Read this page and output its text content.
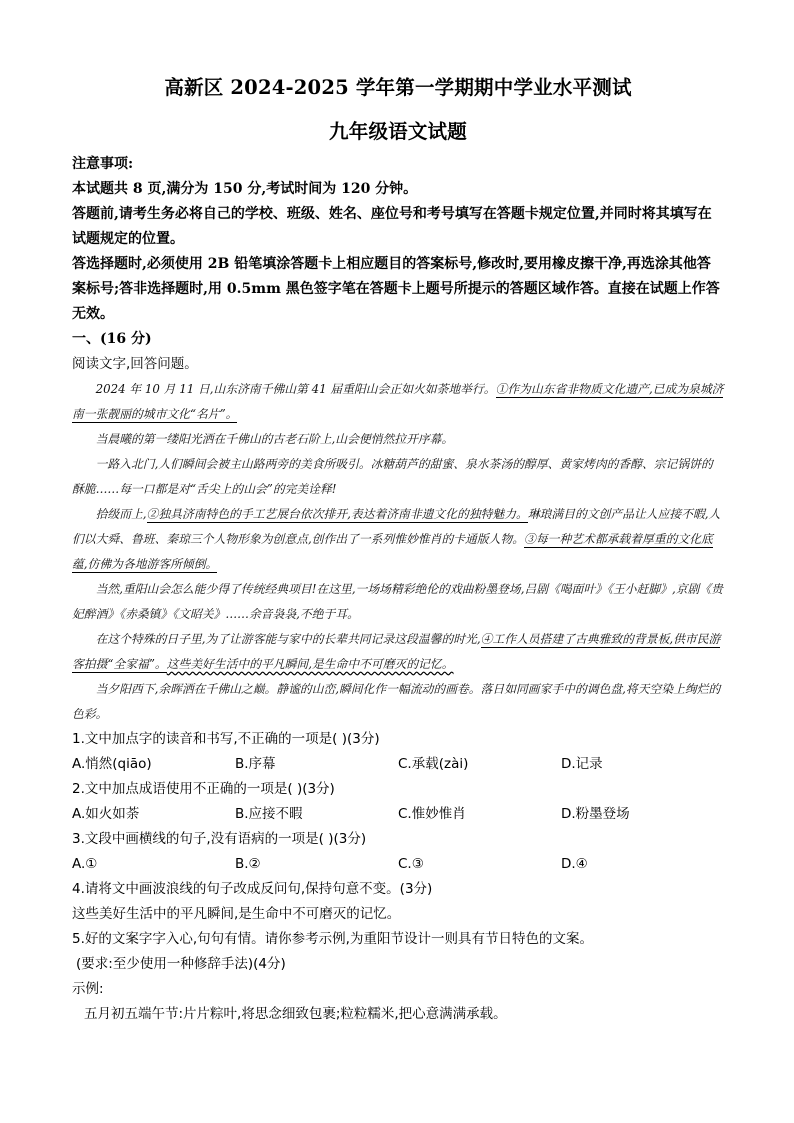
高新区 2024-2025 学年第一学期期中学业水平测试
九年级语文试题

注意事项:

本试题共 8 页,满分为 150 分,考试时间为 120 分钟。

答题前,请考生务必将自己的学校、班级、姓名、座位号和考号填写在答题卡规定位置,并同时将其填写在试题规定的位置。

答选择题时,必须使用 2B 铅笔填涂答题卡上相应题目的答案标号,修改时,要用橡皮擦干净,再选涂其他答案标号;答非选择题时,用 0.5mm 黑色签字笔在答题卡上题号所提示的答题区域作答。直接在试题上作答无效。

一、(16 分)

阅读文字,回答问题。

2024 年 10 月 11 日,山东济南千佛山第 41 届重阳山会正如火如荼地举行。①作为山东省非物质文化遗产,已成为泉城济南一张靓丽的城市文化“名片”。

当晨曦的第一缕阳光洒在千佛山的古老石阶上,山会便悄然拉开序幕。

一路入北门,人们瞬间会被主山路两旁的美食所吸引。冰糖葫芦的甜蜜、泉水茶汤的醇厚、黄家烤肉的香醇、宗记锅饼的酥脆……每一口都是对“舌尖上的山会”的完美诠释!

拾级而上,②独具济南特色的手工艺展台依次排开,表达着济南非遗文化的独特魅力。琳琅满目的文创产品让人应接不暇,人们以大舜、鲁班、秦琼三个人物形象为创意点,创作出了一系列惟妙惟肖的卡通版人物。③每一种艺术都承载着厚重的文化底蕴,仿佛为各地游客所倾倒。

当然,重阳山会怎么能少得了传统经典项目!在这里,一场场精彩绝伦的戏曲粉墨登场,吕剧《喝面叶》《王小赶脚》,京剧《贵妃醉酒》《赤桑镇》《文昭关》……余音袅袅,不绝于耳。

在这个特殊的日子里,为了让游客能与家中的长辈共同记录这段温馨的时光,④工作人员搭建了古典雅致的背景板,供市民游客拍摄“全家福”。这些美好生活中的平凡瞬间,是生命中不可磨灭的记忆。

当夕阳西下,余晖洒在千佛山之巅。静谧的山峦,瞬间化作一幅流动的画卷。落日如同画家手中的调色盘,将天空染上绚烂的色彩。

1.文中加点字的读音和书写,不正确的一项是( )(3分)

A.悄然(qiāo)	B.序幕	C.承载(zài)	D.记录

2.文中加点成语使用不正确的一项是( )(3分)

A.如火如荼	B.应接不暇	C.惟妙惟肖	D.粉墨登场

3.文段中画横线的句子,没有语病的一项是( )(3分)

A.①	B.②	C.③	D.④

4.请将文中画波浪线的句子改成反问句,保持句意不变。(3分)

这些美好生活中的平凡瞬间,是生命中不可磨灭的记忆。

5.好的文案字字入心,句句有情。请你参考示例,为重阳节设计一则具有节日特色的文案。

(要求:至少使用一种修辞手法)(4分)

示例:

五月初五端午节:片片粽叶,将思念细致包裹;粒粒糯米,把心意满满承载。
